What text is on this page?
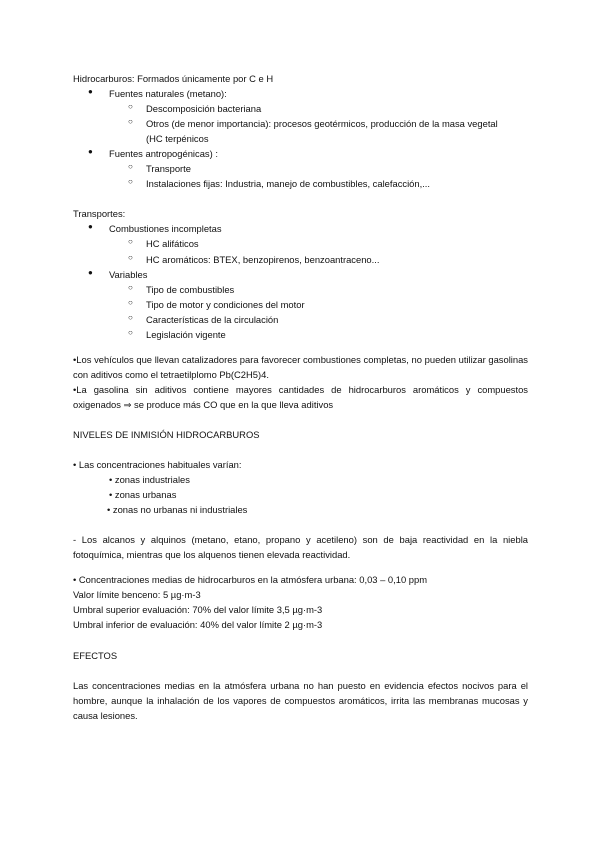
Hidrocarburos: Formados únicamente por C e H

● Fuentes naturales (metano):
○ Descomposición bacteriana
○ Otros (de menor importancia): procesos geotérmicos, producción de la masa vegetal
(HC terpénicos
● Fuentes antropogénicas) :
○ Transporte
○ Instalaciones fijas: Industria, manejo de combustibles, calefacción,...

Transportes:

● Combustiones incompletas
○ HC alifáticos
○ HC aromáticos: BTEX, benzopirenos, benzoantraceno...
● Variables
○ Tipo de combustibles
○ Tipo de motor y condiciones del motor
○ Características de la circulación
○ Legislación vigente

•Los vehículos que llevan catalizadores para favorecer combustiones completas, no pueden utilizar gasolinas con aditivos como el tetraetilplomo Pb(C2H5)4.

•La gasolina sin aditivos contiene mayores cantidades de hidrocarburos aromáticos y compuestos oxigenados ⇒ se produce más CO que en la que lleva aditivos

NIVELES DE INMISIÓN HIDROCARBUROS

• Las concentraciones habituales varían:

• zonas industriales

• zonas urbanas

• zonas no urbanas ni industriales

- Los alcanos y alquinos (metano, etano, propano y acetileno) son de baja reactividad en la niebla fotoquímica, mientras que los alquenos tienen elevada reactividad.

• Concentraciones medias de hidrocarburos en la atmósfera urbana: 0,03 – 0,10 ppm

Valor límite benceno: 5 µg·m-3

Umbral superior evaluación: 70% del valor límite 3,5 µg·m-3

Umbral inferior de evaluación: 40% del valor límite 2 µg·m-3

EFECTOS

Las concentraciones medias en la atmósfera urbana no han puesto en evidencia efectos nocivos para el hombre, aunque la inhalación de los vapores de compuestos aromáticos, irrita las membranas mucosas y causa lesiones.
